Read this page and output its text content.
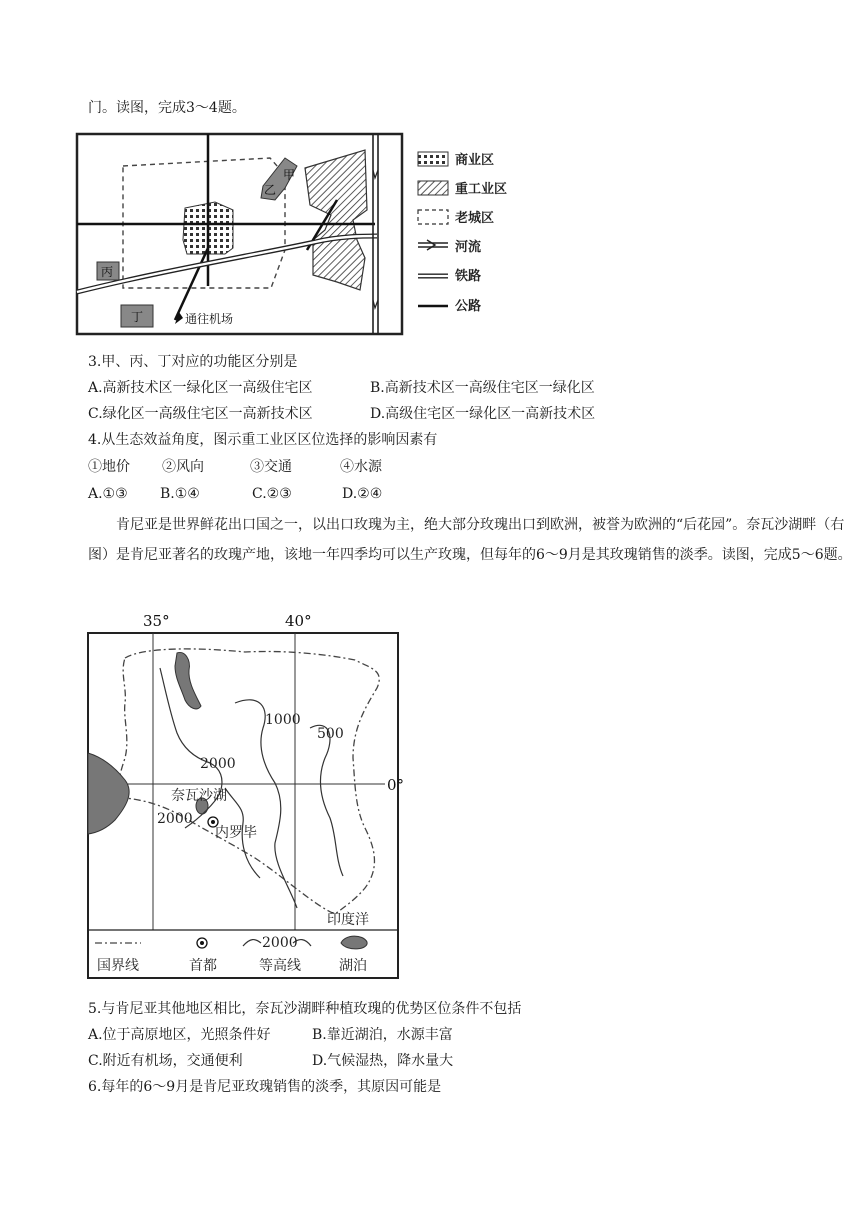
门。读图，完成3～4题。
乙
甲
丙
丁	通往机场
商业区
重工业区
老城区
河流
铁路
公路
3.甲、丙、丁对应的功能区分别是
A.高新技术区一绿化区一高级住宅区	B.高新技术区一高级住宅区一绿化区
C.绿化区一高级住宅区一高新技术区	D.高级住宅区一绿化区一高新技术区
4.从生态效益角度，图示重工业区区位选择的影响因素有
①地价 ②风向	③交通	④水源
A.①③ B.①④	C.②③	D.②④
肯尼亚是世界鲜花出口国之一，以出口玫瑰为主，绝大部分玫瑰出口到欧洲，被誉为欧洲的“后花园”。奈瓦沙湖畔（右图）是肯尼亚著名的玫瑰产地，该地一年四季均可以生产玫瑰，但每年的6～9月是其玫瑰销售的淡季。读图，完成5～6题。
35°	40°
0°
2000
1000
500
2000
奈瓦沙湖
内罗毕
印度洋
国界线	首都
2000
等高线	湖泊
5.与肯尼亚其他地区相比，奈瓦沙湖畔种植玫瑰的优势区位条件不包括
A.位于高原地区，光照条件好	B.靠近湖泊，水源丰富
C.附近有机场，交通便利	D.气候湿热，降水量大
6.每年的6～9月是肯尼亚玫瑰销售的淡季，其原因可能是
